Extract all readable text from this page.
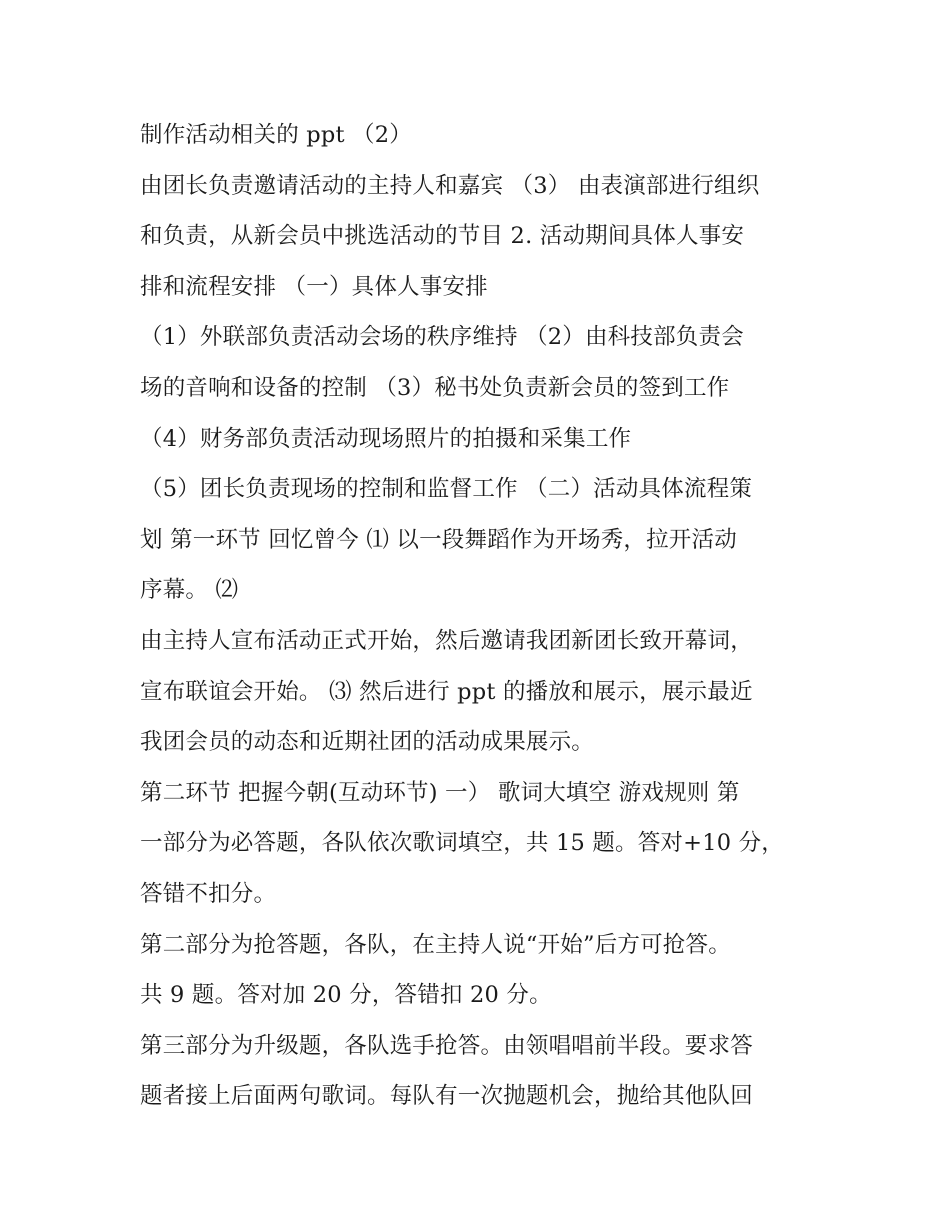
制作活动相关的 ppt （2）
由团长负责邀请活动的主持人和嘉宾 （3） 由表演部进行组织
和负责，从新会员中挑选活动的节目 2. 活动期间具体人事安
排和流程安排 （一）具体人事安排
（1）外联部负责活动会场的秩序维持 （2）由科技部负责会
场的音响和设备的控制 （3）秘书处负责新会员的签到工作
（4）财务部负责活动现场照片的拍摄和采集工作
（5）团长负责现场的控制和监督工作 （二）活动具体流程策
划 第一环节 回忆曾今 ⑴ 以一段舞蹈作为开场秀，拉开活动
序幕。 ⑵
由主持人宣布活动正式开始，然后邀请我团新团长致开幕词，
宣布联谊会开始。 ⑶ 然后进行 ppt 的播放和展示，展示最近
我团会员的动态和近期社团的活动成果展示。
第二环节 把握今朝(互动环节) 一） 歌词大填空 游戏规则 第
一部分为必答题，各队依次歌词填空，共 15 题。答对+10 分，
答错不扣分。
第二部分为抢答题，各队，在主持人说“开始”后方可抢答。
共 9 题。答对加 20 分，答错扣 20 分。
第三部分为升级题，各队选手抢答。由领唱唱前半段。要求答
题者接上后面两句歌词。每队有一次抛题机会，抛给其他队回
